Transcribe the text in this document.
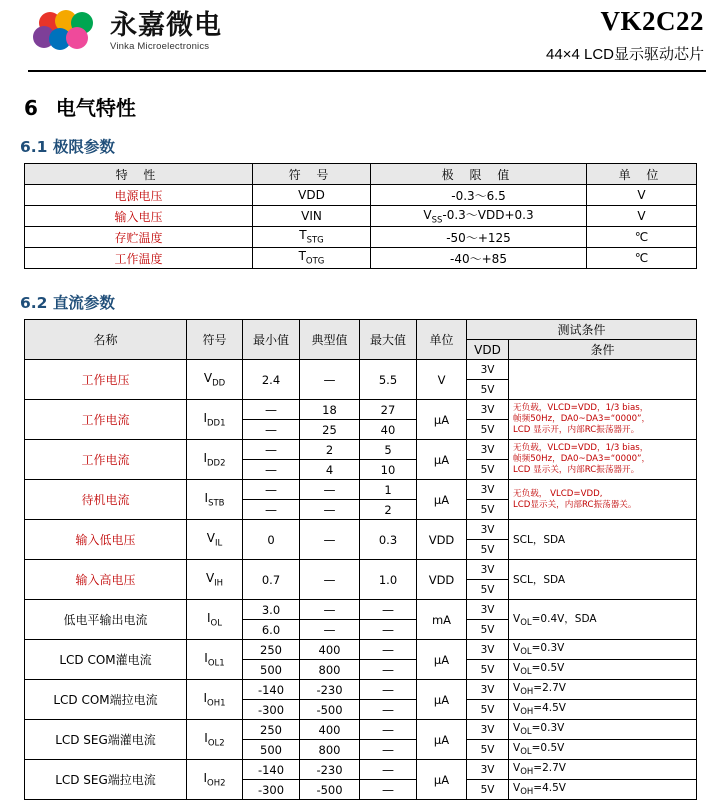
永嘉微电
Vinka Microelectronics
VK2C22
44×4 LCD显示驱动芯片
6 电气特性
6.1 极限参数
特 性	符 号	极 限 值	单 位
电源电压	VDD	-0.3～6.5	V
输入电压	VIN	$V_{SS}-0.3\sim VDD+0.3$	V
存贮温度	$T_{STG}$	-50～+125	℃
工作温度	$T_{OTG}$	-40～+85	℃
6.2 直流参数
名称	符号	最小值	典型值	最大值	单位	测试条件	
						VDD	条件
工作电压	$V_{DD}$	2.4	—	5.5	V	3V	
						5V	
工作电流	$I_{DD1}$	—	18	27	μA	3V	无负载，VLCD=VDD，1/3 bias，
帧频50Hz，DA0~DA3=“0000”，
LCD 显示开，内部RC振荡器开。
		—	25	40		5V	
工作电流	$I_{DD2}$	—	2	5	μA	3V	无负载，VLCD=VDD，1/3 bias，
帧频50Hz，DA0~DA3=“0000”，
LCD 显示关，内部RC振荡器开。
		—	4	10		5V	
待机电流	$I_{STB}$	—	—	1	μA	3V	无负载， VLCD=VDD,
LCD显示关，内部RC振荡器关。
		—	—	2		5V	
输入低电压	$V_{IL}$	0	—	0.3	VDD	3V	SCL，SDA
						5V	
输入高电压	$V_{IH}$	0.7	—	1.0	VDD	3V	SCL，SDA
						5V	
低电平输出电流	$I_{OL}$	3.0	—	—	mA	3V	$V_{OL}=0.4V$，SDA
		6.0	—	—		5V	
LCD COM灌电流	$I_{OL1}$	250	400	—	μA	3V	$V_{OL}=0.3V$
		500	800	—		5V	$V_{OL}=0.5V$
LCD COM端拉电流	$I_{OH1}$	-140	-230	—	μA	3V	$V_{OH}=2.7V$
		-300	-500	—		5V	$V_{OH}=4.5V$
LCD SEG端灌电流	$I_{OL2}$	250	400	—	μA	3V	$V_{OL}=0.3V$
		500	800	—		5V	$V_{OL}=0.5V$
LCD SEG端拉电流	$I_{OH2}$	-140	-230	—	μA	3V	$V_{OH}=2.7V$
		-300	-500	—		5V	$V_{OH}=4.5V$
